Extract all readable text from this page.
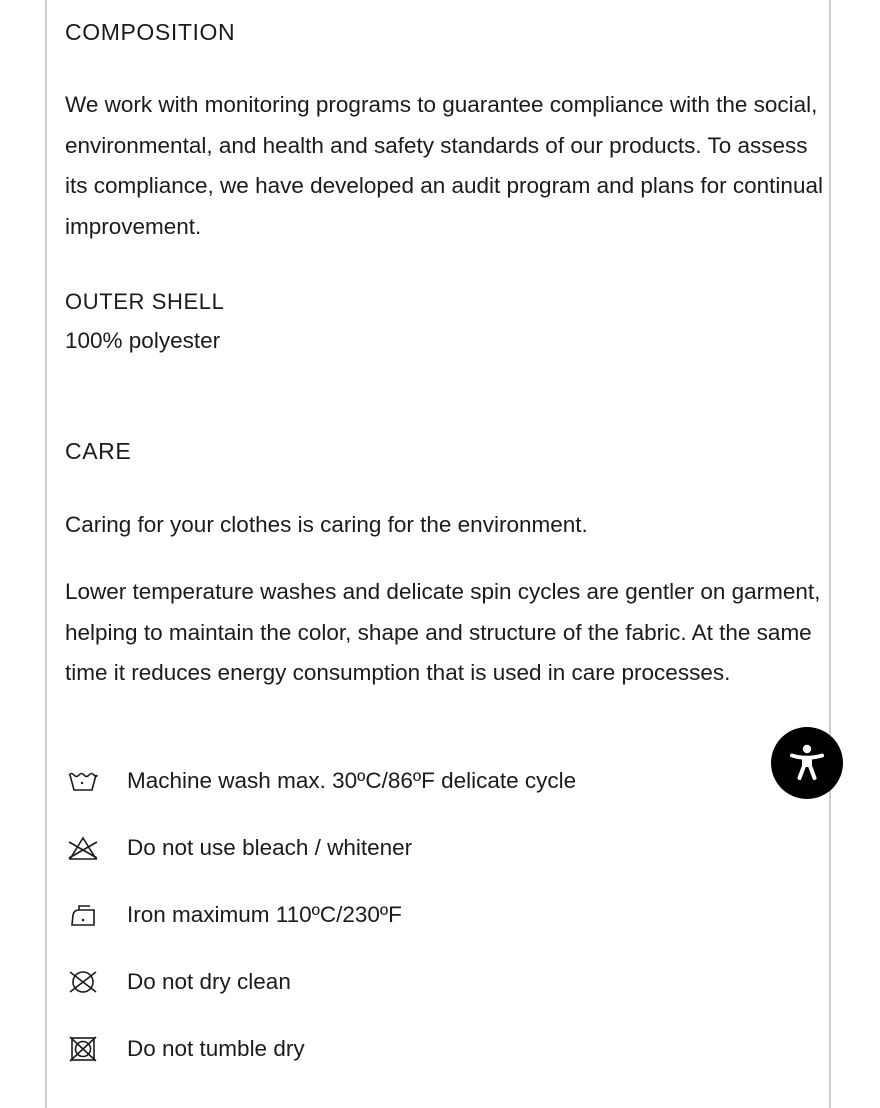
COMPOSITION

We work with monitoring programs to guarantee compliance with the social, environmental, and health and safety standards of our products. To assess its compliance, we have developed an audit program and plans for continual improvement.

OUTER SHELL

100% polyester

CARE

Caring for your clothes is caring for the environment.

Lower temperature washes and delicate spin cycles are gentler on garment, helping to maintain the color, shape and structure of the fabric. At the same time it reduces energy consumption that is used in care processes.

Machine wash max. 30ºC/86ºF delicate cycle
Do not use bleach / whitener
Iron maximum 110ºC/230ºF
Do not dry clean
Do not tumble dry
